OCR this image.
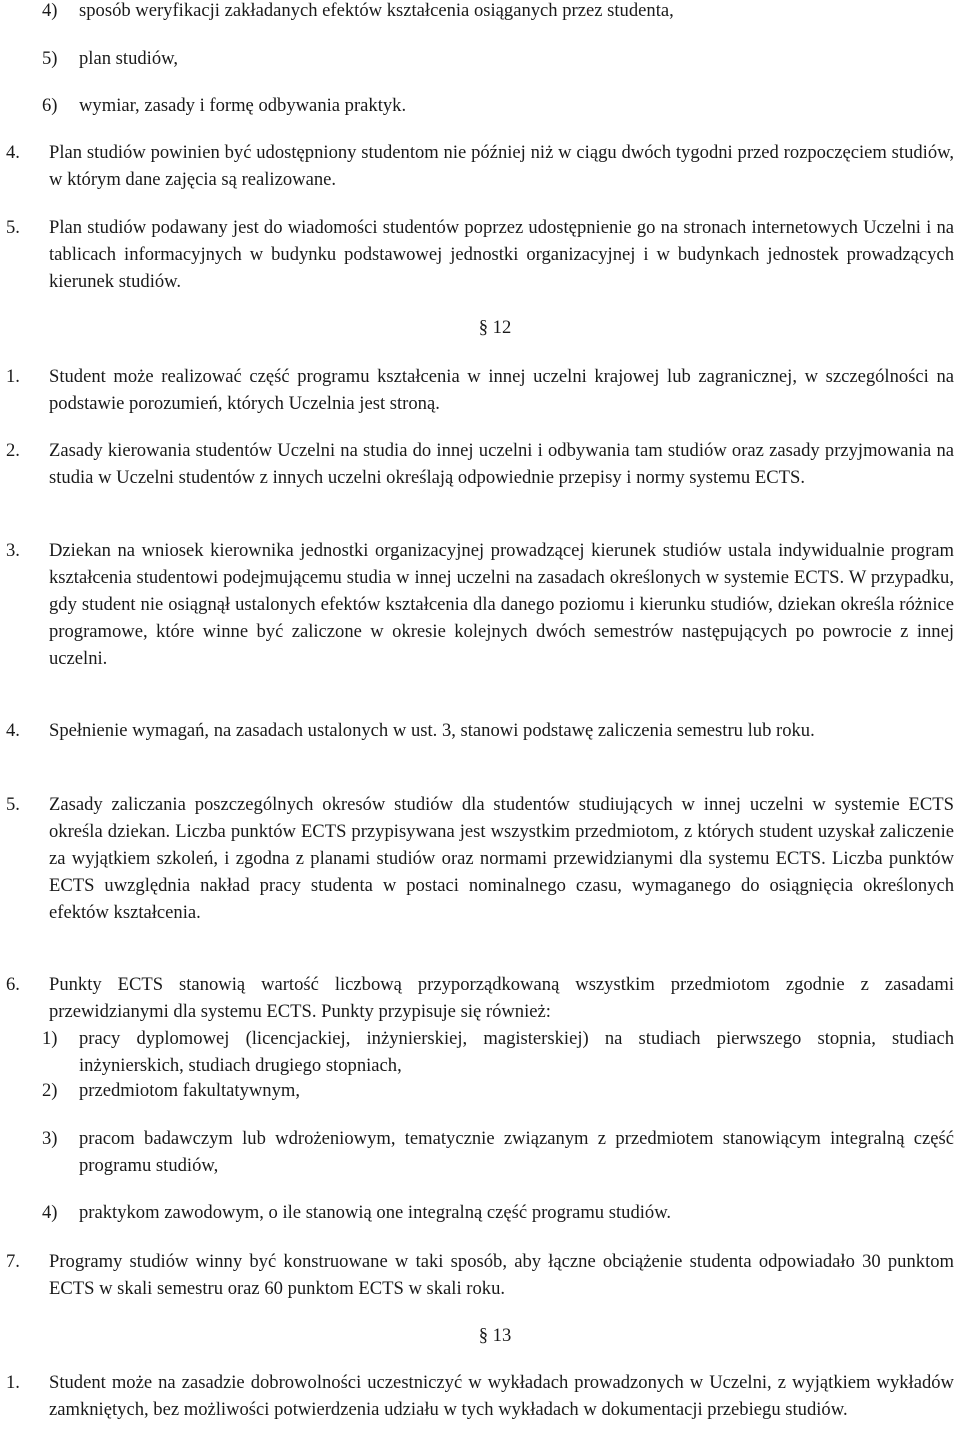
4) sposób weryfikacji zakładanych efektów kształcenia osiąganych przez studenta,
5) plan studiów,
6) wymiar, zasady i formę odbywania praktyk.
4. Plan studiów powinien być udostępniony studentom nie później niż w ciągu dwóch tygodni przed rozpoczęciem studiów, w którym dane zajęcia są realizowane.
5. Plan studiów podawany jest do wiadomości studentów poprzez udostępnienie go na stronach internetowych Uczelni i na tablicach informacyjnych w budynku podstawowej jednostki organizacyjnej i w budynkach jednostek prowadzących kierunek studiów.
§ 12
1. Student może realizować część programu kształcenia w innej uczelni krajowej lub zagranicznej, w szczególności na podstawie porozumień, których Uczelnia jest stroną.
2. Zasady kierowania studentów Uczelni na studia do innej uczelni i odbywania tam studiów oraz zasady przyjmowania na studia w Uczelni studentów z innych uczelni określają odpowiednie przepisy i normy systemu ECTS.
3. Dziekan na wniosek kierownika jednostki organizacyjnej prowadzącej kierunek studiów ustala indywidualnie program kształcenia studentowi podejmującemu studia w innej uczelni na zasadach określonych w systemie ECTS. W przypadku, gdy student nie osiągnął ustalonych efektów kształcenia dla danego poziomu i kierunku studiów, dziekan określa różnice programowe, które winne być zaliczone w okresie kolejnych dwóch semestrów następujących po powrocie z innej uczelni.
4. Spełnienie wymagań, na zasadach ustalonych w ust. 3, stanowi podstawę zaliczenia semestru lub roku.
5. Zasady zaliczania poszczególnych okresów studiów dla studentów studiujących w innej uczelni w systemie ECTS określa dziekan. Liczba punktów ECTS przypisywana jest wszystkim przedmiotom, z których student uzyskał zaliczenie za wyjątkiem szkoleń, i zgodna z planami studiów oraz normami przewidzianymi dla systemu ECTS. Liczba punktów ECTS uwzględnia nakład pracy studenta w postaci nominalnego czasu, wymaganego do osiągnięcia określonych efektów kształcenia.
6. Punkty ECTS stanowią wartość liczbową przyporządkowaną wszystkim przedmiotom zgodnie z zasadami przewidzianymi dla systemu ECTS. Punkty przypisuje się również:
1) pracy dyplomowej (licencjackiej, inżynierskiej, magisterskiej) na studiach pierwszego stopnia, studiach inżynierskich, studiach drugiego stopniach,
2) przedmiotom fakultatywnym,
3) pracom badawczym lub wdrożeniowym, tematycznie związanym z przedmiotem stanowiącym integralną część programu studiów,
4) praktykom zawodowym, o ile stanowią one integralną część programu studiów.
7. Programy studiów winny być konstruowane w taki sposób, aby łączne obciążenie studenta odpowiadało 30 punktom ECTS w skali semestru oraz 60 punktom ECTS w skali roku.
§ 13
1. Student może na zasadzie dobrowolności uczestniczyć w wykładach prowadzonych w Uczelni, z wyjątkiem wykładów zamkniętych, bez możliwości potwierdzenia udziału w tych wykładach w dokumentacji przebiegu studiów.
